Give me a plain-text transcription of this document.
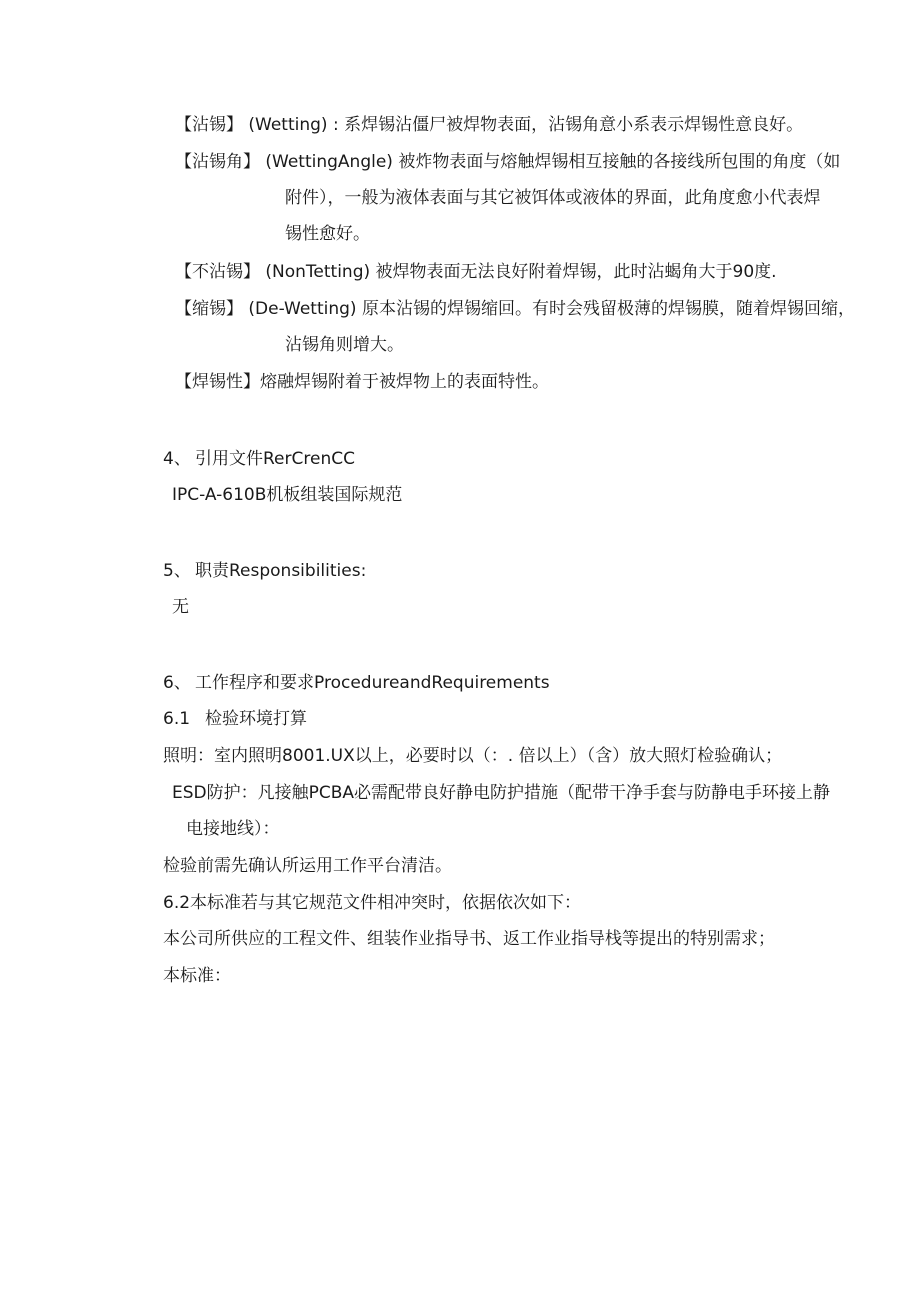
【沾锡】 (Wetting) : 系焊锡沾僵尸被焊物表面，沾锡角意小系表示焊锡性意良好。
【沾锡角】 (WettingAngle) 被炸物表面与熔触焊锡相互接触的各接线所包围的角度（如
附件），一般为液体表面与其它被饵体或液体的界面，此角度愈小代表焊
锡性愈好。
【不沾锡】 (NonTetting) 被焊物表面无法良好附着焊锡，此时沾蝎角大于90度.
【缩锡】 (De-Wetting) 原本沾锡的焊锡缩回。有时会残留极薄的焊锡膜，随着焊锡回缩，
沾锡角则增大。
【焊锡性】熔融焊锡附着于被焊物上的表面特性。
4、 引用文件RerCrenCC
IPC-A-610B机板组装国际规范
5、 职责Responsibilities:
无
6、 工作程序和要求ProcedureandRequirements
6.1 检验环境打算
照明：室内照明8001.UX以上，必要时以（：. 倍以上）（含）放大照灯检验确认；
ESD防护：凡接触PCBA必需配带良好静电防护措施（配带干净手套与防静电手环接上静
电接地线）：
检验前需先确认所运用工作平台清洁。
6.2本标准若与其它规范文件相冲突时，依据依次如下：
本公司所供应的工程文件、组装作业指导书、返工作业指导栈等提出的特别需求；
本标准：
